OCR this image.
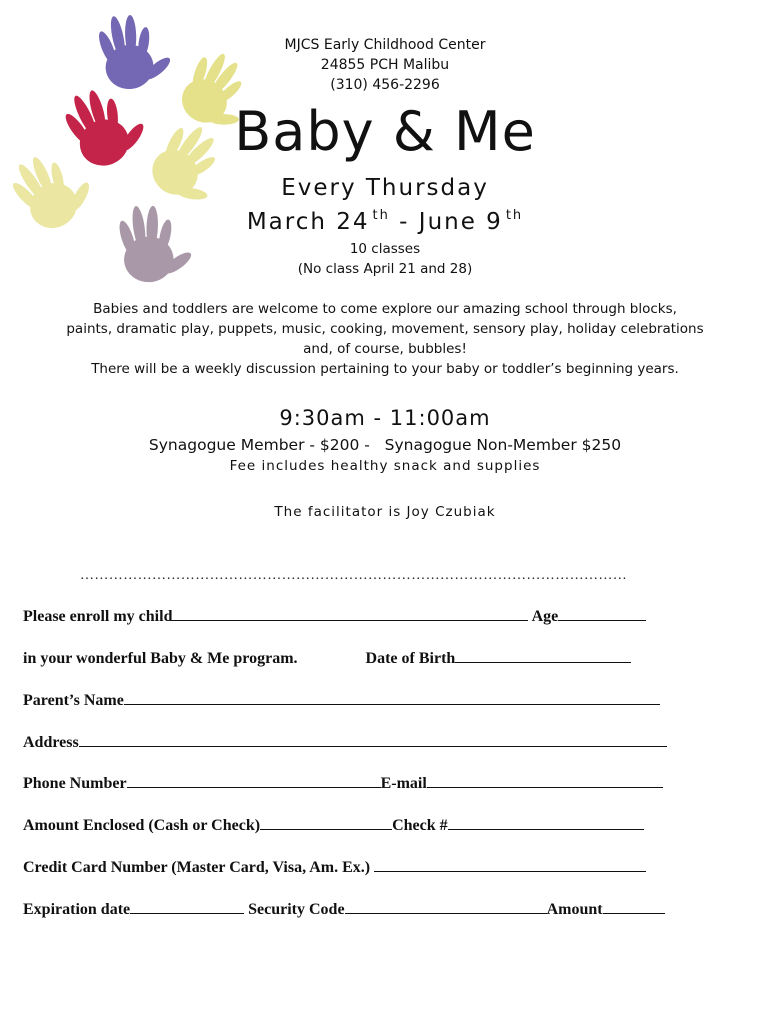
MJCS Early Childhood Center
24855 PCH Malibu
(310) 456-2296
Baby & Me
Every Thursday
March 24 $^{th}$ - June 9 $^{th}$
10 classes
(No class April 21 and 28)
Babies and toddlers are welcome to come explore our amazing school through blocks,
paints, dramatic play, puppets, music, cooking, movement, sensory play, holiday celebrations
and, of course, bubbles!
There will be a weekly discussion pertaining to your baby or toddler’s beginning years.
9:30am - 11:00am
Synagogue Member - $200 -   Synagogue Non-Member $250
Fee includes healthy snack and supplies
The facilitator is Joy Czubiak
……………………………………………………………………………………………………
Please enroll my child	Age
in your wonderful Baby & Me program.	Date of Birth
Parent’s Name
Address
Phone Number	E-mail
Amount Enclosed (Cash or Check)	Check #
Credit Card Number (Master Card, Visa, Am. Ex.)
Expiration date	Security Code	Amount
